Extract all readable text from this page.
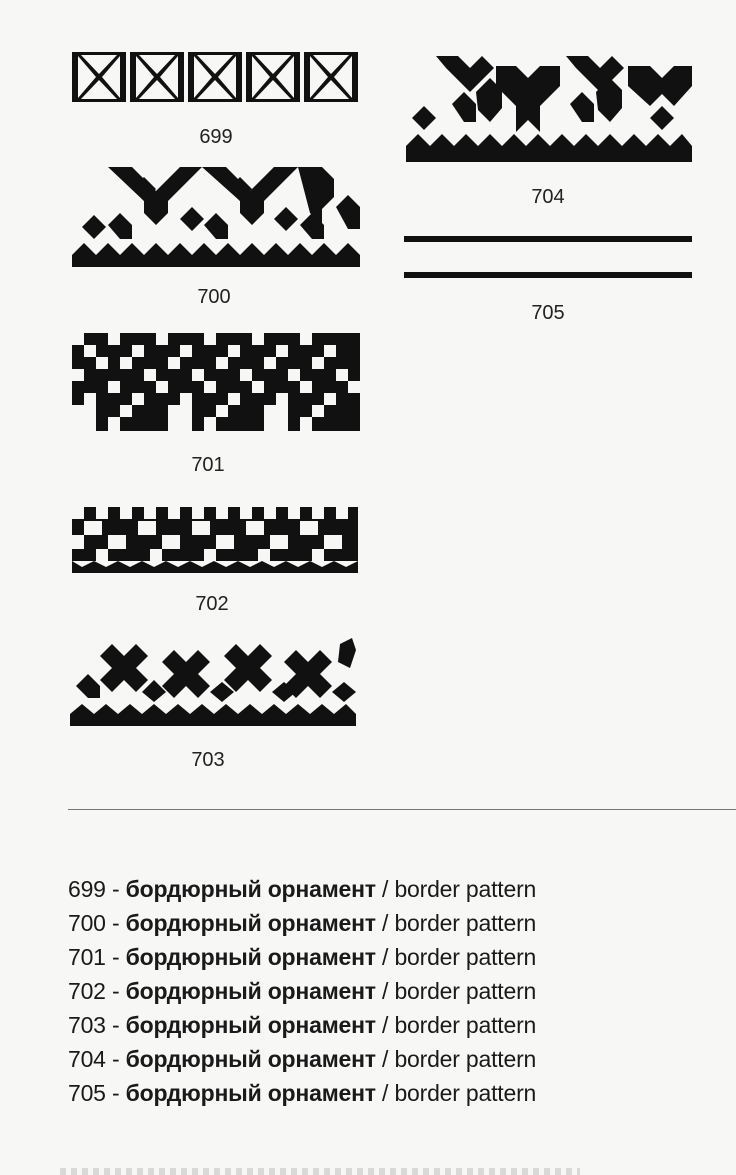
699
700
701
702
703
704
705
699 - бордюрный орнамент / border pattern
700 - бордюрный орнамент / border pattern
701 - бордюрный орнамент / border pattern
702 - бордюрный орнамент / border pattern
703 - бордюрный орнамент / border pattern
704 - бордюрный орнамент / border pattern
705 - бордюрный орнамент / border pattern
